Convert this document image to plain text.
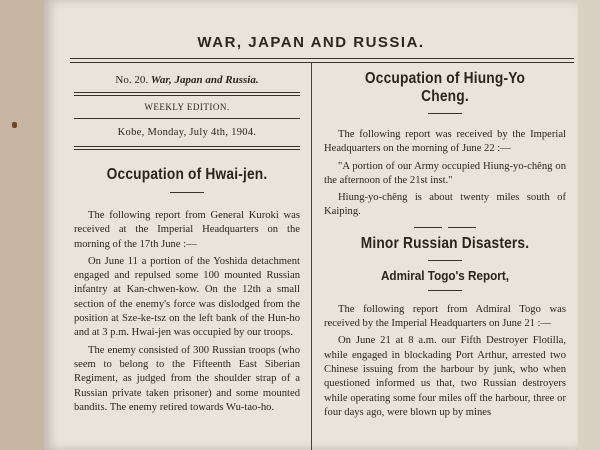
WAR, JAPAN AND RUSSIA.
No. 20. War, Japan and Russia.
WEEKLY EDITION.
Kobe, Monday, July 4th, 1904.
Occupation of Hwai-jen.

The following report from General Kuroki was received at the Imperial Headquarters on the morning of the 17th June :—

On June 11 a portion of the Yoshida detachment engaged and repulsed some 100 mounted Russian infantry at Kan-chwen-kow. On the 12th a small section of the enemy's force was dislodged from the position at Sze-ke-tsz on the left bank of the Hun-ho and at 3 p.m. Hwai-jen was occupied by our troops.

The enemy consisted of 300 Russian troops (who seem to belong to the Fifteenth East Siberian Regiment, as judged from the shoulder strap of a Russian private taken prisoner) and some mounted bandits. The enemy retired towards Wu-tao-ho.

Occupation of Hiung-Yo Cheng.

The following report was received by the Imperial Headquarters on the morning of June 22 :—

"A portion of our Army occupied Hiung-yo-chêng on the afternoon of the 21st inst."

Hiung-yo-chêng is about twenty miles south of Kaiping.

Minor Russian Disasters.
Admiral Togo's Report,

The following report from Admiral Togo was received by the Imperial Headquarters on June 21 :—

On June 21 at 8 a.m. our Fifth Destroyer Flotilla, while engaged in blockading Port Arthur, arrested two Chinese issuing from the harbour by junk, who when questioned informed us that, two Russian destroyers while operating some four miles off the harbour, three or four days ago, were blown up by mines
